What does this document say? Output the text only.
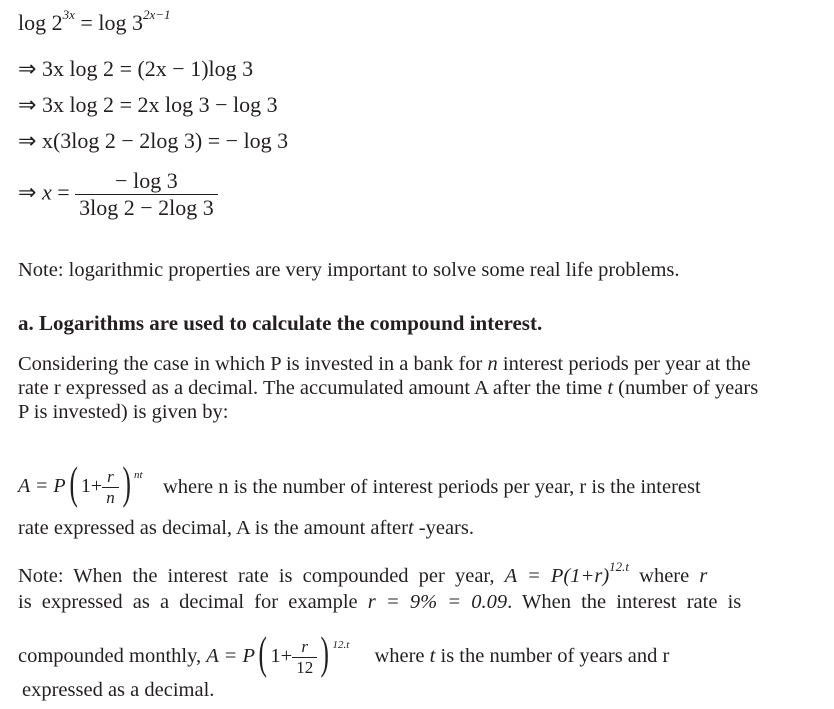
$\log 2^{3x} = \log 3^{2x-1}$
⇒ 3x log 2 = (2x − 1)log 3
⇒ 3x log 2 = 2x log 3 − log 3
⇒ x(3log 2 − 2log 3) = − log 3
⇒ $x = \frac{- \log 3}{3\log 2 - 2\log 3}$
Note: logarithmic properties are very important to solve some real life problems.
a. Logarithms are used to calculate the compound interest.
Considering the case in which P is invested in a bank for n interest periods per year at the
rate r expressed as a decimal. The accumulated amount A after the time t (number of years
P is invested) is given by:
A = P( $1+ \frac{r}{n}$ ) $^{nt}$
where n is the number of interest periods per year, r is the interest
rate expressed as decimal, A is the amount aftert -years.
Note: When the interest rate is compounded per year, $A = P(1+r)^{12.t}$ where r
is expressed as a decimal for example r = 9% = 0.09. When the interest rate is
compounded monthly, A = P( $1+ \frac{r}{12}$ ) $^{12.t}$ where t is the number of years and r
expressed as a decimal.
